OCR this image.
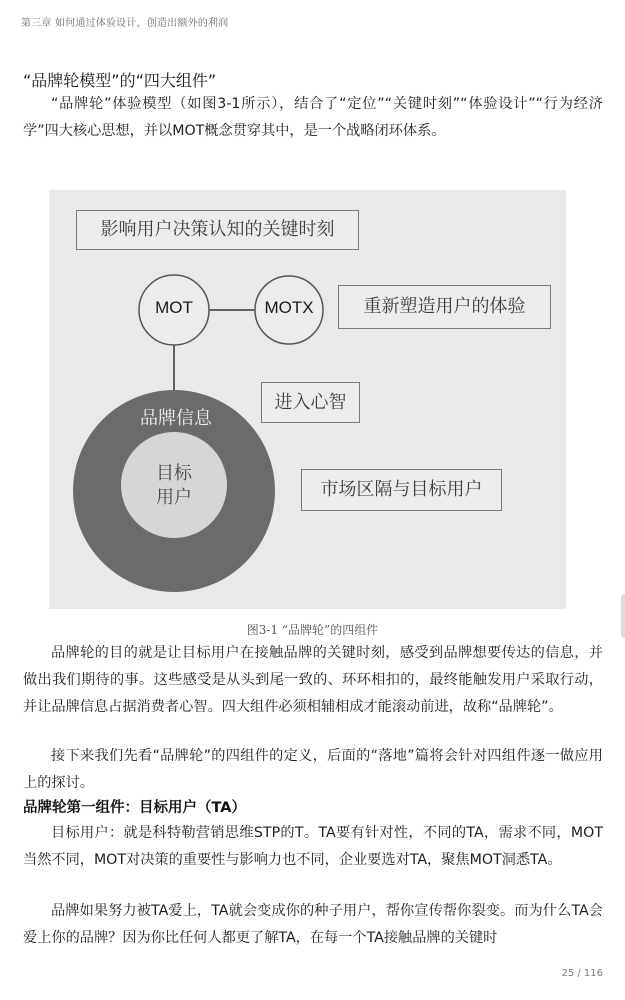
第三章 如何通过体验设计，创造出额外的利润
“品牌轮模型”的“四大组件”

“品牌轮”体验模型（如图3-1所示），结合了“定位”“关键时刻”“体验设计”“行为经济学”四大核心思想，并以MOT概念贯穿其中，是一个战略闭环体系。

影响用户决策认知的关键时刻
MOT	MOTX	重新塑造用户的体验
进入心智
品牌信息
目标
用户	市场区隔与目标用户
图3-1 “品牌轮”的四组件

品牌轮的目的就是让目标用户在接触品牌的关键时刻，感受到品牌想要传达的信息，并做出我们期待的事。这些感受是从头到尾一致的、环环相扣的，最终能触发用户采取行动，并让品牌信息占据消费者心智。四大组件必须相辅相成才能滚动前进，故称“品牌轮”。

接下来我们先看“品牌轮”的四组件的定义，后面的“落地”篇将会针对四组件逐一做应用上的探讨。

品牌轮第一组件：目标用户（TA）

目标用户：就是科特勒营销思维STP的T。TA要有针对性，不同的TA，需求不同，MOT当然不同，MOT对决策的重要性与影响力也不同，企业要选对TA，聚焦MOT洞悉TA。

品牌如果努力被TA爱上，TA就会变成你的种子用户，帮你宣传帮你裂变。而为什么TA会爱上你的品牌？因为你比任何人都更了解TA，在每一个TA接触品牌的关键时

25 / 116
